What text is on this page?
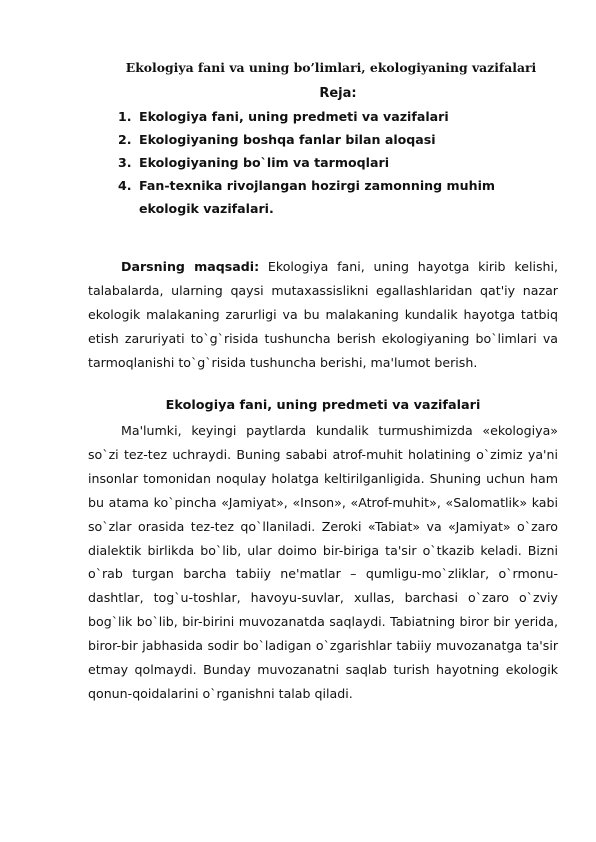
Ekologiya fani va uning bo’limlari, ekologiyaning vazifalari
Reja:
1. Ekologiya fani, uning predmeti va vazifalari
2. Ekologiyaning boshqa fanlar bilan aloqasi
3. Ekologiyaning bo`lim va tarmoqlari
4. Fan-texnika rivojlangan hozirgi zamonning muhim ekologik vazifalari.

Darsning maqsadi: Ekologiya fani, uning hayotga kirib kelishi, talabalarda, ularning qaysi mutaxassislikni egallashlaridan qat'iy nazar ekologik malakaning zarurligi va bu malakaning kundalik hayotga tatbiq etish zaruriyati to`g`risida tushuncha berish ekologiyaning bo`limlari va tarmoqlanishi to`g`risida tushuncha berishi, ma'lumot berish.

Ekologiya fani, uning predmeti va vazifalari

Ma'lumki, keyingi paytlarda kundalik turmushimizda «ekologiya» so`zi tez-tez uchraydi. Buning sababi atrof-muhit holatining o`zimiz ya'ni insonlar tomonidan noqulay holatga keltirilganligida. Shuning uchun ham bu atama ko`pincha «Jamiyat», «Inson», «Atrof-muhit», «Salomatlik» kabi so`zlar orasida tez-tez qo`llaniladi. Zeroki «Tabiat» va «Jamiyat» o`zaro dialektik birlikda bo`lib, ular doimo bir-biriga ta'sir o`tkazib keladi. Bizni o`rab turgan barcha tabiiy ne'matlar – qumligu-mo`zliklar, o`rmonu-dashtlar, tog`u-toshlar, havoyu-suvlar, xullas, barchasi o`zaro o`zviy bog`lik bo`lib, bir-birini muvozanatda saqlaydi. Tabiatning biror bir yerida, biror-bir jabhasida sodir bo`ladigan o`zgarishlar tabiiy muvozanatga ta'sir etmay qolmaydi. Bunday muvozanatni saqlab turish hayotning ekologik qonun-qoidalarini o`rganishni talab qiladi.
